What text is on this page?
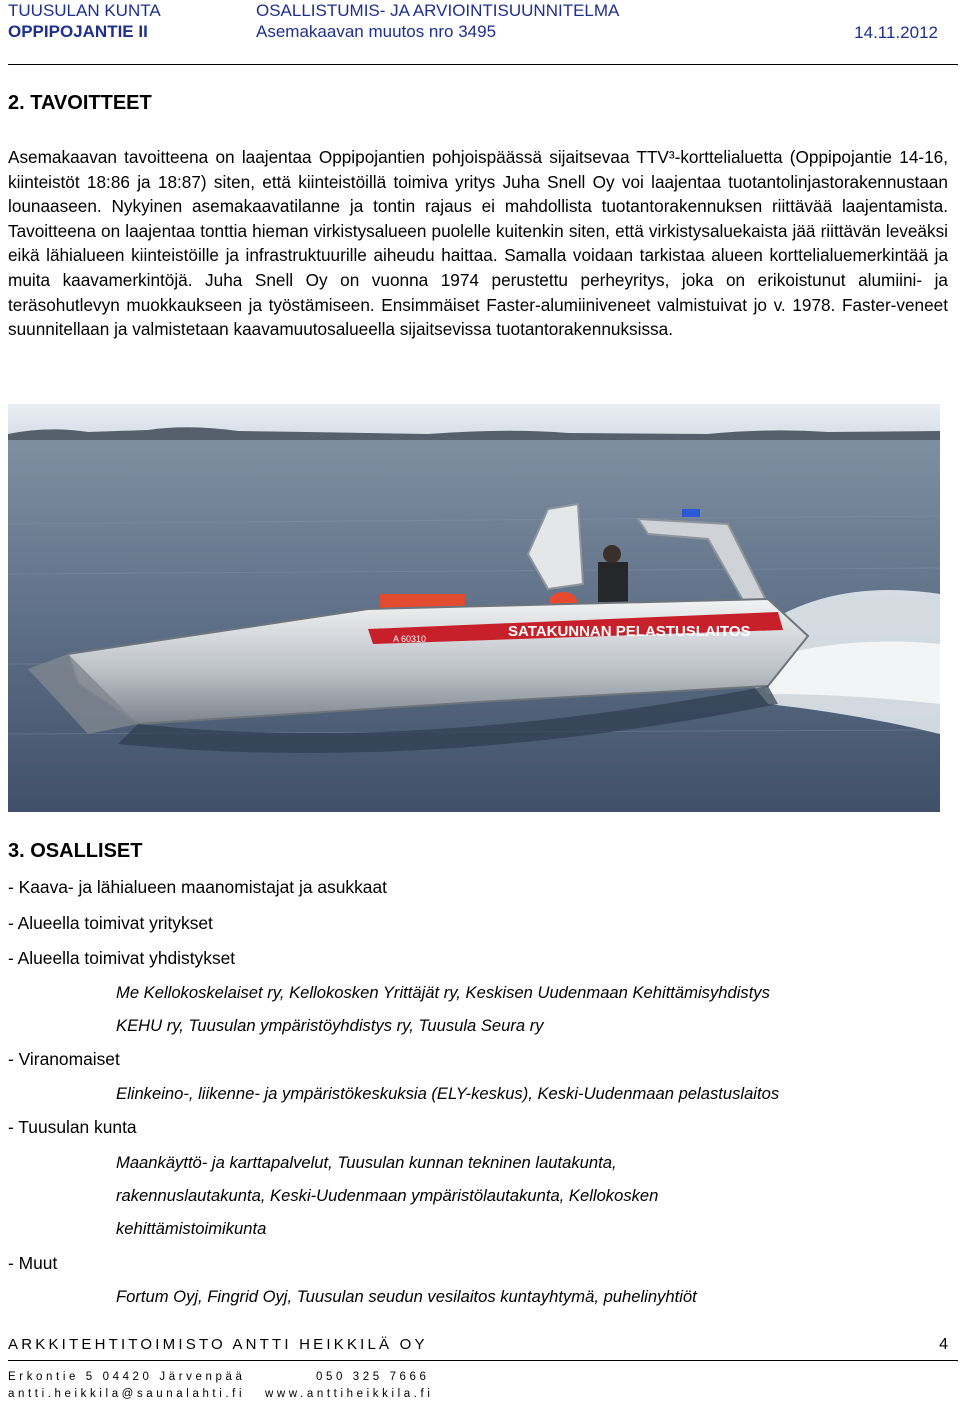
TUUSULAN KUNTA
OPPIPOJANTIE II
OSALLISTUMIS- JA ARVIOINTISUUNNITELMA
Asemakaavan muutos nro 3495	14.11.2012
2. TAVOITTEET
Asemakaavan tavoitteena on laajentaa Oppipojantien pohjoispäässä sijaitsevaa TTV³-korttelialuetta (Oppipojantie 14-16, kiinteistöt 18:86 ja 18:87) siten, että kiinteistöillä toimiva yritys Juha Snell Oy voi laajentaa tuotantolinjastorakennustaan lounaaseen. Nykyinen asemakaavatilanne ja tontin rajaus ei mahdollista tuotantorakennuksen riittävää laajentamista. Tavoitteena on laajentaa tonttia hieman virkistysalueen puolelle kuitenkin siten, että virkistysaluekaista jää riittävän leveäksi eikä lähialueen kiinteistöille ja infrastruktuurille aiheudu haittaa. Samalla voidaan tarkistaa alueen korttelialuemerkintää ja muita kaavamerkintöjä. Juha Snell Oy on vuonna 1974 perustettu perheyritys, joka on erikoistunut alumiini- ja teräsohutlevyn muokkaukseen ja työstämiseen. Ensimmäiset Faster-alumiiniveneet valmistuivat jo v. 1978. Faster-veneet suunnitellaan ja valmistetaan kaavamuutosalueella sijaitsevissa tuotantorakennuksissa.
SATAKUNNAN PELASTUSLAITOS
A 60310
3. OSALLISET
- Kaava- ja lähialueen maanomistajat ja asukkaat
- Alueella toimivat yritykset
- Alueella toimivat yhdistykset
Me Kellokoskelaiset ry, Kellokosken Yrittäjät ry, Keskisen Uudenmaan Kehittämisyhdistys
KEHU ry, Tuusulan ympäristöyhdistys ry, Tuusula Seura ry
- Viranomaiset
Elinkeino-, liikenne- ja ympäristökeskuksia (ELY-keskus), Keski-Uudenmaan pelastuslaitos
- Tuusulan kunta
Maankäyttö- ja karttapalvelut, Tuusulan kunnan tekninen lautakunta,
rakennuslautakunta, Keski-Uudenmaan ympäristölautakunta, Kellokosken
kehittämistoimikunta
- Muut
Fortum Oyj, Fingrid Oyj, Tuusulan seudun vesilaitos kuntayhtymä, puhelinyhtiöt
ARKKITEHTITOIMISTO ANTTI HEIKKILÄ OY	4
Erkontie 5 04420 Järvenpää	050 325 7666
antti.heikkila@saunalahti.fi www.anttiheikkila.fi
